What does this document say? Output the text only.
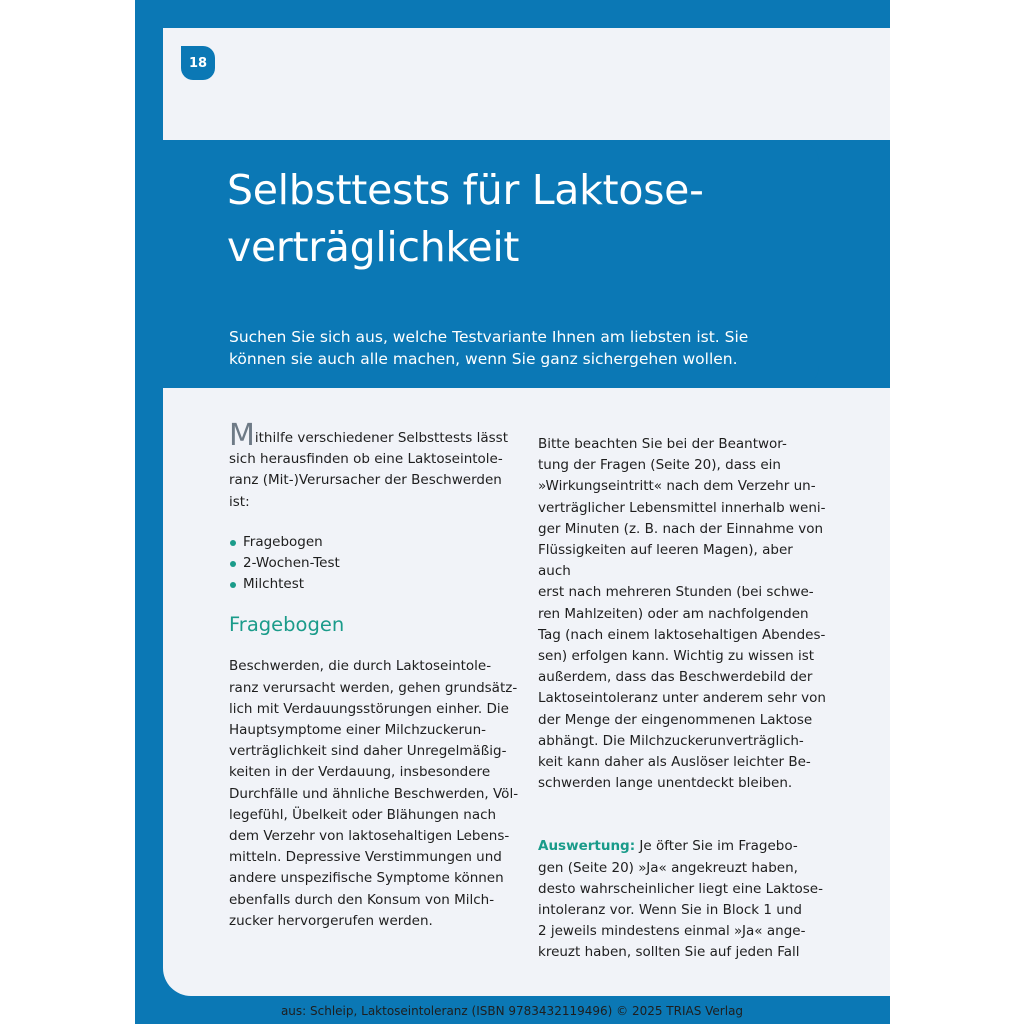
18
Selbsttests für Laktose-
verträglichkeit

Suchen Sie sich aus, welche Testvariante Ihnen am liebsten ist. Sie
können sie auch alle machen, wenn Sie ganz sichergehen wollen.

Mithilfe verschiedener Selbsttests lässt
sich herausfinden ob eine Laktoseintole-
ranz (Mit-)Verursacher der Beschwerden
ist:

Fragebogen
2-Wochen-Test
Milchtest
Fragebogen

Beschwerden, die durch Laktoseintole-
ranz verursacht werden, gehen grundsätz-
lich mit Verdauungsstörungen einher. Die
Hauptsymptome einer Milchzuckerun-
verträglichkeit sind daher Unregelmäßig-
keiten in der Verdauung, insbesondere
Durchfälle und ähnliche Beschwerden, Völ-
legefühl, Übelkeit oder Blähungen nach
dem Verzehr von laktosehaltigen Lebens-
mitteln. Depressive Verstimmungen und
andere unspezifische Symptome können
ebenfalls durch den Konsum von Milch-
zucker hervorgerufen werden.

Bitte beachten Sie bei der Beantwor-
tung der Fragen (Seite 20), dass ein
»Wirkungseintritt« nach dem Verzehr un-
verträglicher Lebensmittel innerhalb weni-
ger Minuten (z. B. nach der Einnahme von
Flüssigkeiten auf leeren Magen), aber auch
erst nach mehreren Stunden (bei schwe-
ren Mahlzeiten) oder am nachfolgenden
Tag (nach einem laktosehaltigen Abendes-
sen) erfolgen kann. Wichtig zu wissen ist
außerdem, dass das Beschwerdebild der
Laktoseintoleranz unter anderem sehr von
der Menge der eingenommenen Laktose
abhängt. Die Milchzuckerunverträglich-
keit kann daher als Auslöser leichter Be-
schwerden lange unentdeckt bleiben.

Auswertung: Je öfter Sie im Fragebo-
gen (Seite 20) »Ja« angekreuzt haben,
desto wahrscheinlicher liegt eine Laktose-
intoleranz vor. Wenn Sie in Block 1 und
2 jeweils mindestens einmal »Ja« ange-
kreuzt haben, sollten Sie auf jeden Fall

aus: Schleip, Laktoseintoleranz (ISBN 9783432119496) © 2025 TRIAS Verlag
